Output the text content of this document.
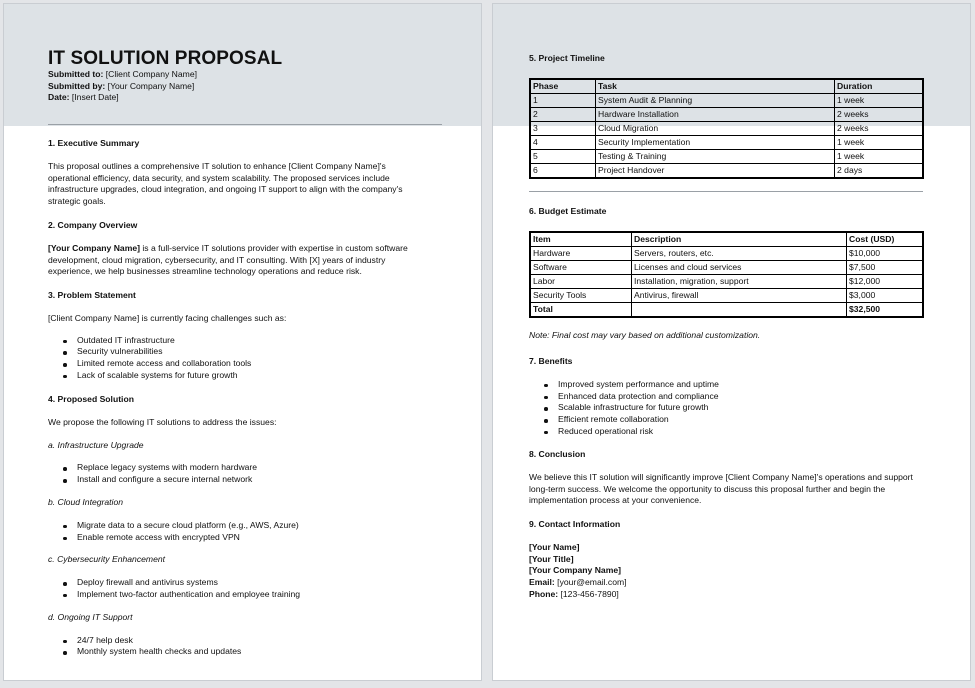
IT SOLUTION PROPOSAL
Submitted to: [Client Company Name]
Submitted by: [Your Company Name]
Date: [Insert Date]
1. Executive Summary

This proposal outlines a comprehensive IT solution to enhance [Client Company Name]'s operational efficiency, data security, and system scalability. The proposed services include infrastructure upgrades, cloud integration, and ongoing IT support to align with the company's strategic goals.

2. Company Overview

[Your Company Name] is a full-service IT solutions provider with expertise in custom software development, cloud migration, cybersecurity, and IT consulting. With [X] years of industry experience, we help businesses streamline technology operations and reduce risk.

3. Problem Statement

[Client Company Name] is currently facing challenges such as:

Outdated IT infrastructure
Security vulnerabilities
Limited remote access and collaboration tools
Lack of scalable systems for future growth
4. Proposed Solution

We propose the following IT solutions to address the issues:

a. Infrastructure Upgrade

Replace legacy systems with modern hardware
Install and configure a secure internal network

b. Cloud Integration

Migrate data to a secure cloud platform (e.g., AWS, Azure)
Enable remote access with encrypted VPN

c. Cybersecurity Enhancement

Deploy firewall and antivirus systems
Implement two-factor authentication and employee training

d. Ongoing IT Support

24/7 help desk
Monthly system health checks and updates
5. Project Timeline
Phase	Task	Duration
1	System Audit & Planning	1 week
2	Hardware Installation	2 weeks
3	Cloud Migration	2 weeks
4	Security Implementation	1 week
5	Testing & Training	1 week
6	Project Handover	2 days
6. Budget Estimate
Item	Description	Cost (USD)
Hardware	Servers, routers, etc.	$10,000
Software	Licenses and cloud services	$7,500
Labor	Installation, migration, support	$12,000
Security Tools	Antivirus, firewall	$3,000
Total		$32,500

Note: Final cost may vary based on additional customization.

7. Benefits
Improved system performance and uptime
Enhanced data protection and compliance
Scalable infrastructure for future growth
Efficient remote collaboration
Reduced operational risk
8. Conclusion

We believe this IT solution will significantly improve [Client Company Name]'s operations and support long-term success. We welcome the opportunity to discuss this proposal further and begin the implementation process at your convenience.

9. Contact Information
[Your Name]
[Your Title]
[Your Company Name]
Email: [your@email.com]
Phone: [123-456-7890]
